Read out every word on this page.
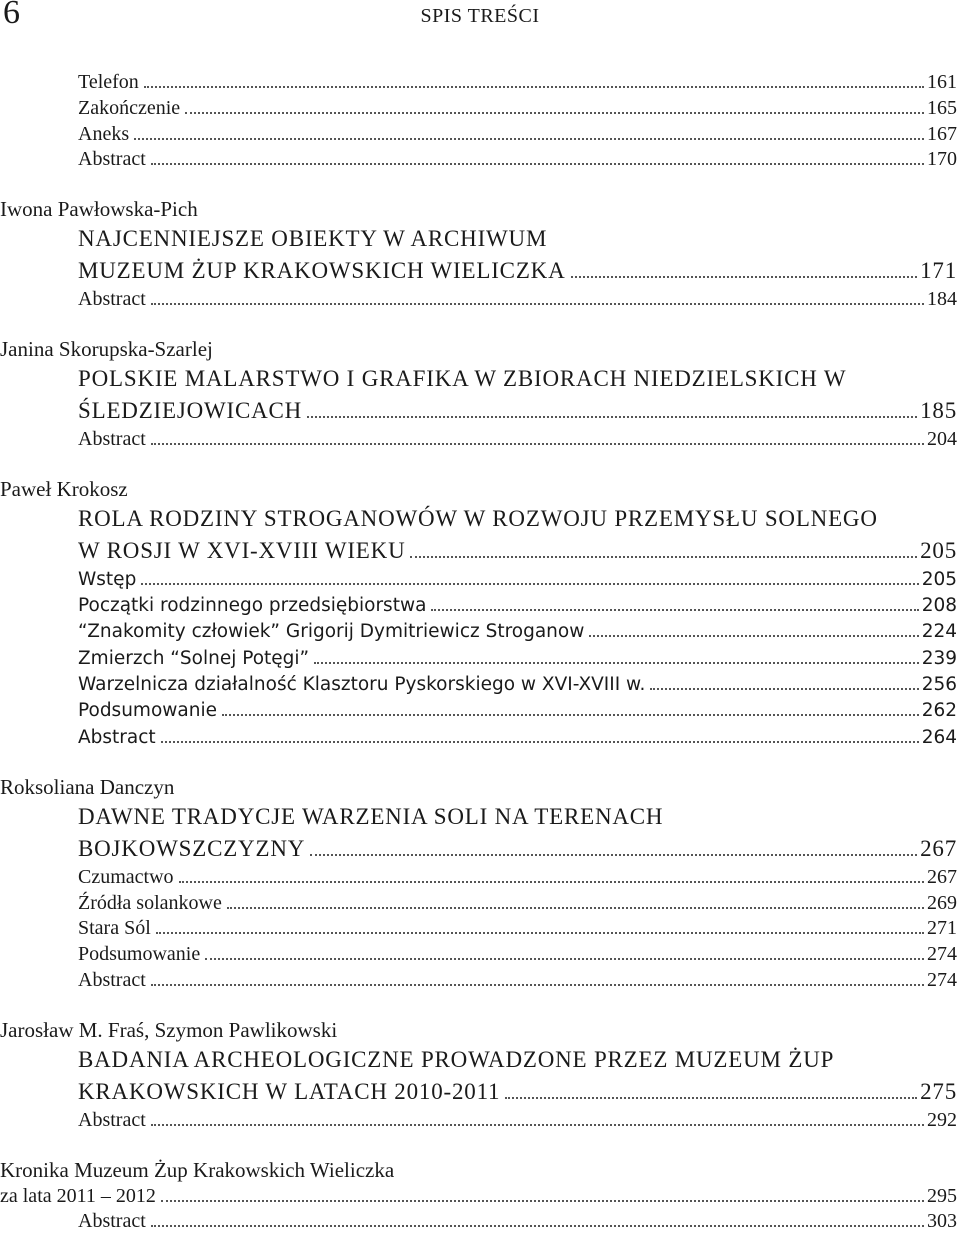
6	SPIS TREŚCI
Telefon	161
Zakończenie	165
Aneks	167
Abstract	170
Iwona Pawłowska-Pich
NAJCENNIEJSZE OBIEKTY W ARCHIWUM
MUZEUM ŻUP KRAKOWSKICH WIELICZKA	171
Abstract	184
Janina Skorupska-Szarlej
POLSKIE MALARSTWO I GRAFIKA W ZBIORACH NIEDZIELSKICH W
ŚLEDZIEJOWICACH	185
Abstract	204
Paweł Krokosz
ROLA RODZINY STROGANOWÓW W ROZWOJU PRZEMYSŁU SOLNEGO
W ROSJI W XVI-XVIII WIEKU	205
Wstęp	205
Początki rodzinnego przedsiębiorstwa	208
“Znakomity człowiek” Grigorij Dymitriewicz Stroganow	224
Zmierzch “Solnej Potęgi”	239
Warzelnicza działalność Klasztoru Pyskorskiego w XVI-XVIII w.	256
Podsumowanie	262
Abstract	264
Roksoliana Danczyn
DAWNE TRADYCJE WARZENIA SOLI NA TERENACH
BOJKOWSZCZYZNY	267
Czumactwo	267
Źródła solankowe	269
Stara Sól	271
Podsumowanie	274
Abstract	274
Jarosław M. Fraś, Szymon Pawlikowski
BADANIA ARCHEOLOGICZNE PROWADZONE PRZEZ MUZEUM ŻUP
KRAKOWSKICH W LATACH 2010-2011	275
Abstract	292
Kronika Muzeum Żup Krakowskich Wieliczka
za lata 2011 – 2012	295
Abstract	303
